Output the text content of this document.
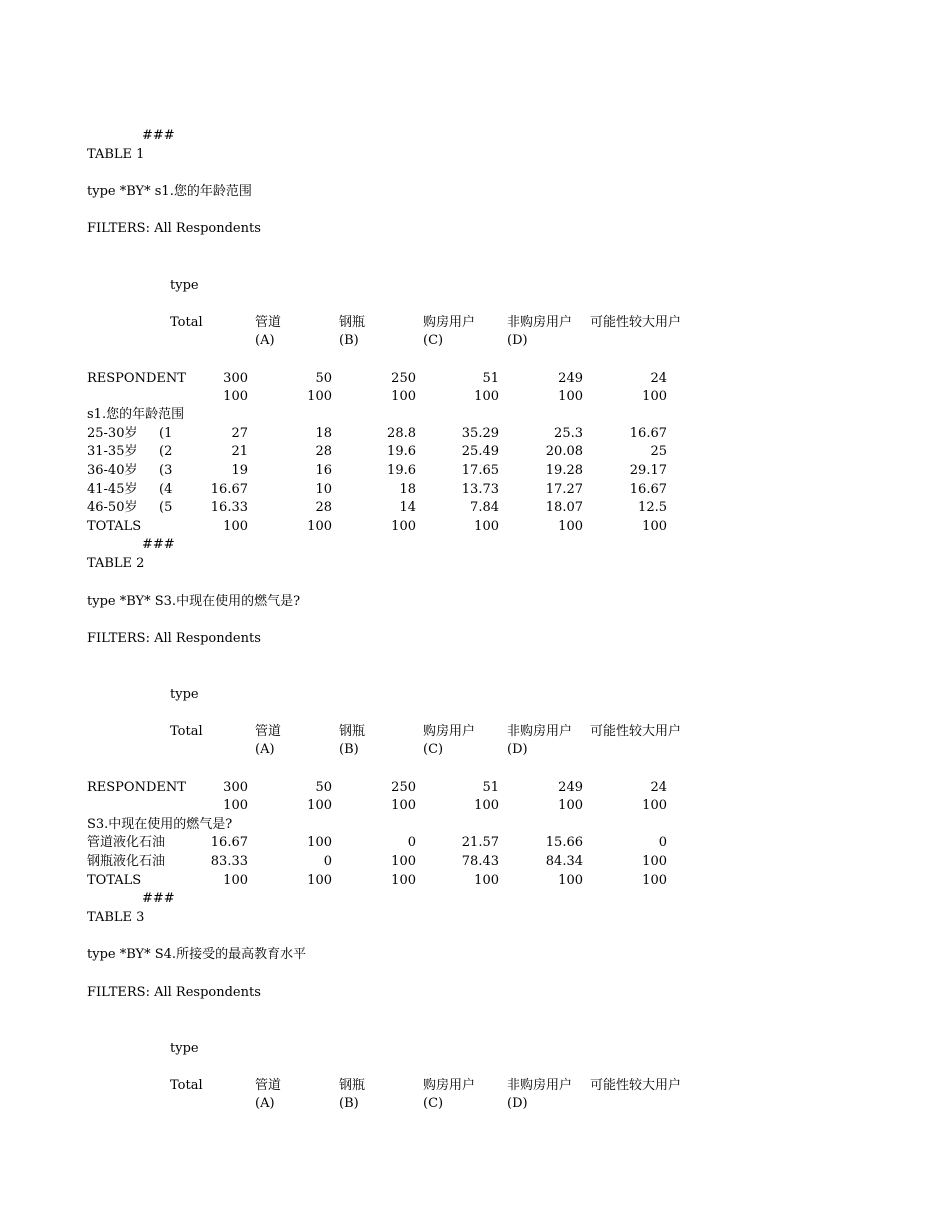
###
TABLE 1
type *BY* s1.您的年龄范围
FILTERS: All Respondents
type
Total	管道	钢瓶	购房用户 非购房用户 可能性较大用户
(A)	(B)	(C)	(D)
RESPONDENT	300	50	250	51	249	24
100	100	100	100	100	100
s1.您的年龄范围
25-30岁 (1	27	18	28.8	35.29	25.3	16.67
31-35岁 (2	21	28	19.6	25.49	20.08	25
36-40岁 (3	19	16	19.6	17.65	19.28	29.17
41-45岁 (4	16.67	10	18	13.73	17.27	16.67
46-50岁 (5	16.33	28	14	7.84	18.07	12.5
TOTALS	100	100	100	100	100	100
###
TABLE 2
type *BY* S3.中现在使用的燃气是?
FILTERS: All Respondents
type
Total	管道	钢瓶	购房用户 非购房用户 可能性较大用户
(A)	(B)	(C)	(D)
RESPONDENT	300	50	250	51	249	24
100	100	100	100	100	100
S3.中现在使用的燃气是?
管道液化石油	16.67	100	0	21.57	15.66	0
钢瓶液化石油	83.33	0	100	78.43	84.34	100
TOTALS	100	100	100	100	100	100
###
TABLE 3
type *BY* S4.所接受的最高教育水平
FILTERS: All Respondents
type
Total	管道	钢瓶	购房用户 非购房用户 可能性较大用户
(A)	(B)	(C)	(D)
